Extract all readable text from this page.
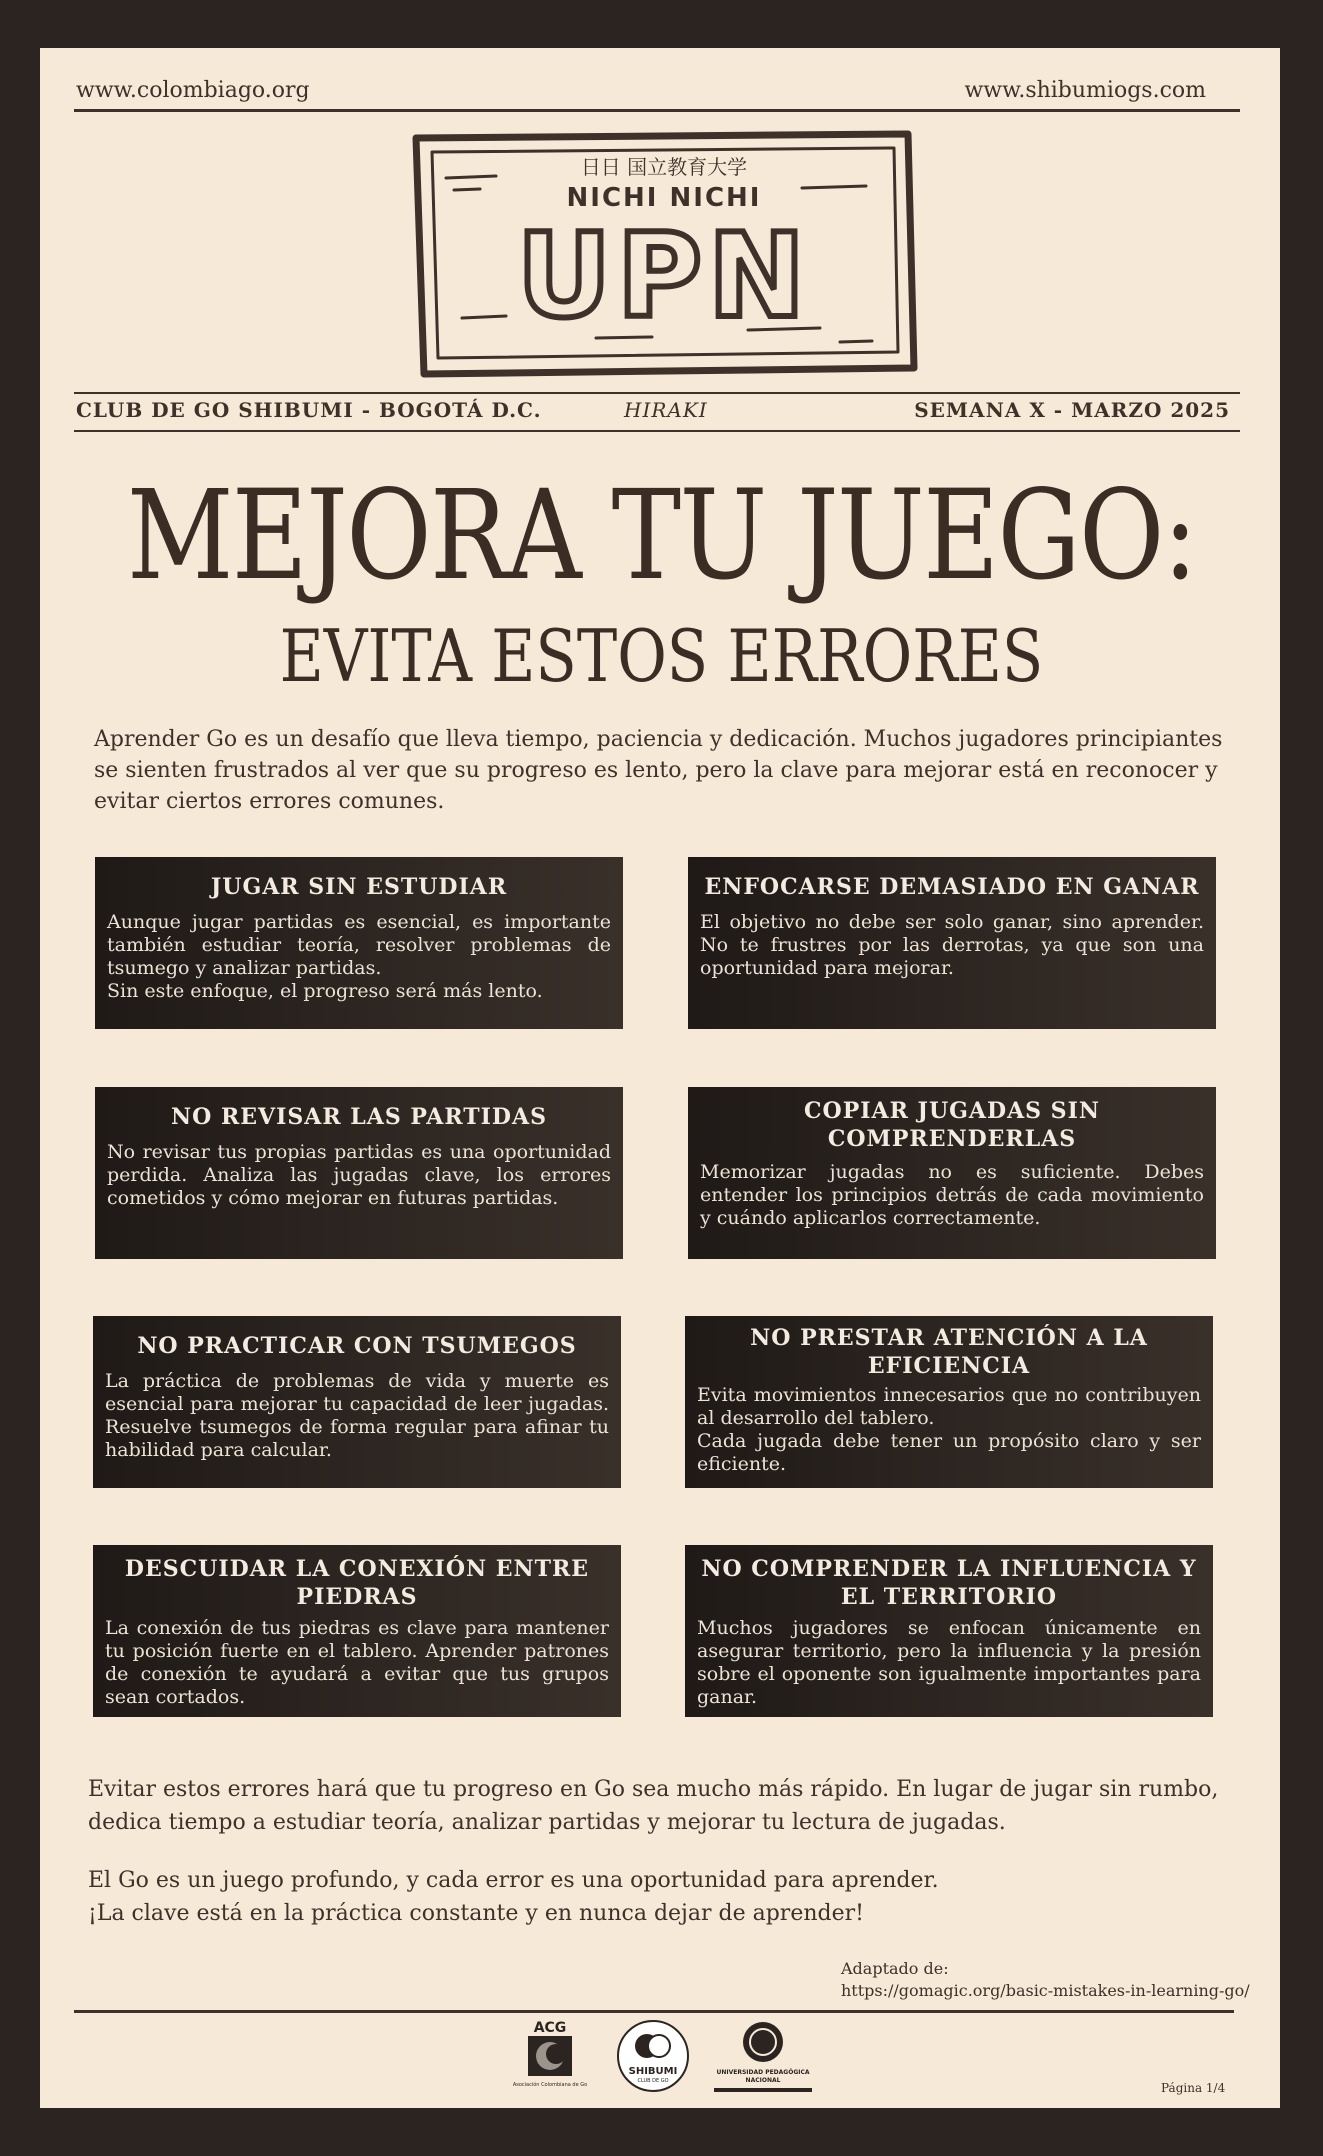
www.colombiago.org	www.shibumiogs.com
日日 国立教育大学
NICHI NICHI
UPN
CLUB DE GO SHIBUMI - BOGOTÁ D.C.	HIRAKI	SEMANA X - MARZO 2025
MEJORA TU JUEGO:
EVITA ESTOS ERRORES
Aprender Go es un desafío que lleva tiempo, paciencia y dedicación. Muchos jugadores principiantes se sienten frustrados al ver que su progreso es lento, pero la clave para mejorar está en reconocer y evitar ciertos errores comunes.
JUGAR SIN ESTUDIAR

Aunque jugar partidas es esencial, es importante también estudiar teoría, resolver problemas de tsumego y analizar partidas.
Sin este enfoque, el progreso será más lento.

ENFOCARSE DEMASIADO EN GANAR

El objetivo no debe ser solo ganar, sino aprender. No te frustres por las derrotas, ya que son una oportunidad para mejorar.

NO REVISAR LAS PARTIDAS

No revisar tus propias partidas es una oportunidad perdida. Analiza las jugadas clave, los errores cometidos y cómo mejorar en futuras partidas.

COPIAR JUGADAS SIN COMPRENDERLAS

Memorizar jugadas no es suficiente. Debes entender los principios detrás de cada movimiento y cuándo aplicarlos correctamente.

NO PRACTICAR CON TSUMEGOS

La práctica de problemas de vida y muerte es esencial para mejorar tu capacidad de leer jugadas. Resuelve tsumegos de forma regular para afinar tu habilidad para calcular.

NO PRESTAR ATENCIÓN A LA EFICIENCIA

Evita movimientos innecesarios que no contribuyen al desarrollo del tablero.
Cada jugada debe tener un propósito claro y ser eficiente.

DESCUIDAR LA CONEXIÓN ENTRE PIEDRAS

La conexión de tus piedras es clave para mantener tu posición fuerte en el tablero. Aprender patrones de conexión te ayudará a evitar que tus grupos sean cortados.

NO COMPRENDER LA INFLUENCIA Y EL TERRITORIO

Muchos jugadores se enfocan únicamente en asegurar territorio, pero la influencia y la presión sobre el oponente son igualmente importantes para ganar.

Evitar estos errores hará que tu progreso en Go sea mucho más rápido. En lugar de jugar sin rumbo, dedica tiempo a estudiar teoría, analizar partidas y mejorar tu lectura de jugadas.
El Go es un juego profundo, y cada error es una oportunidad para aprender.
¡La clave está en la práctica constante y en nunca dejar de aprender!
Adaptado de:
https://gomagic.org/basic-mistakes-in-learning-go/
ACG
Asociación Colombiana de Go
SHIBUMI
CLUB DE GO
UNIVERSIDAD PEDAGÓGICA
NACIONAL
Página 1/4
